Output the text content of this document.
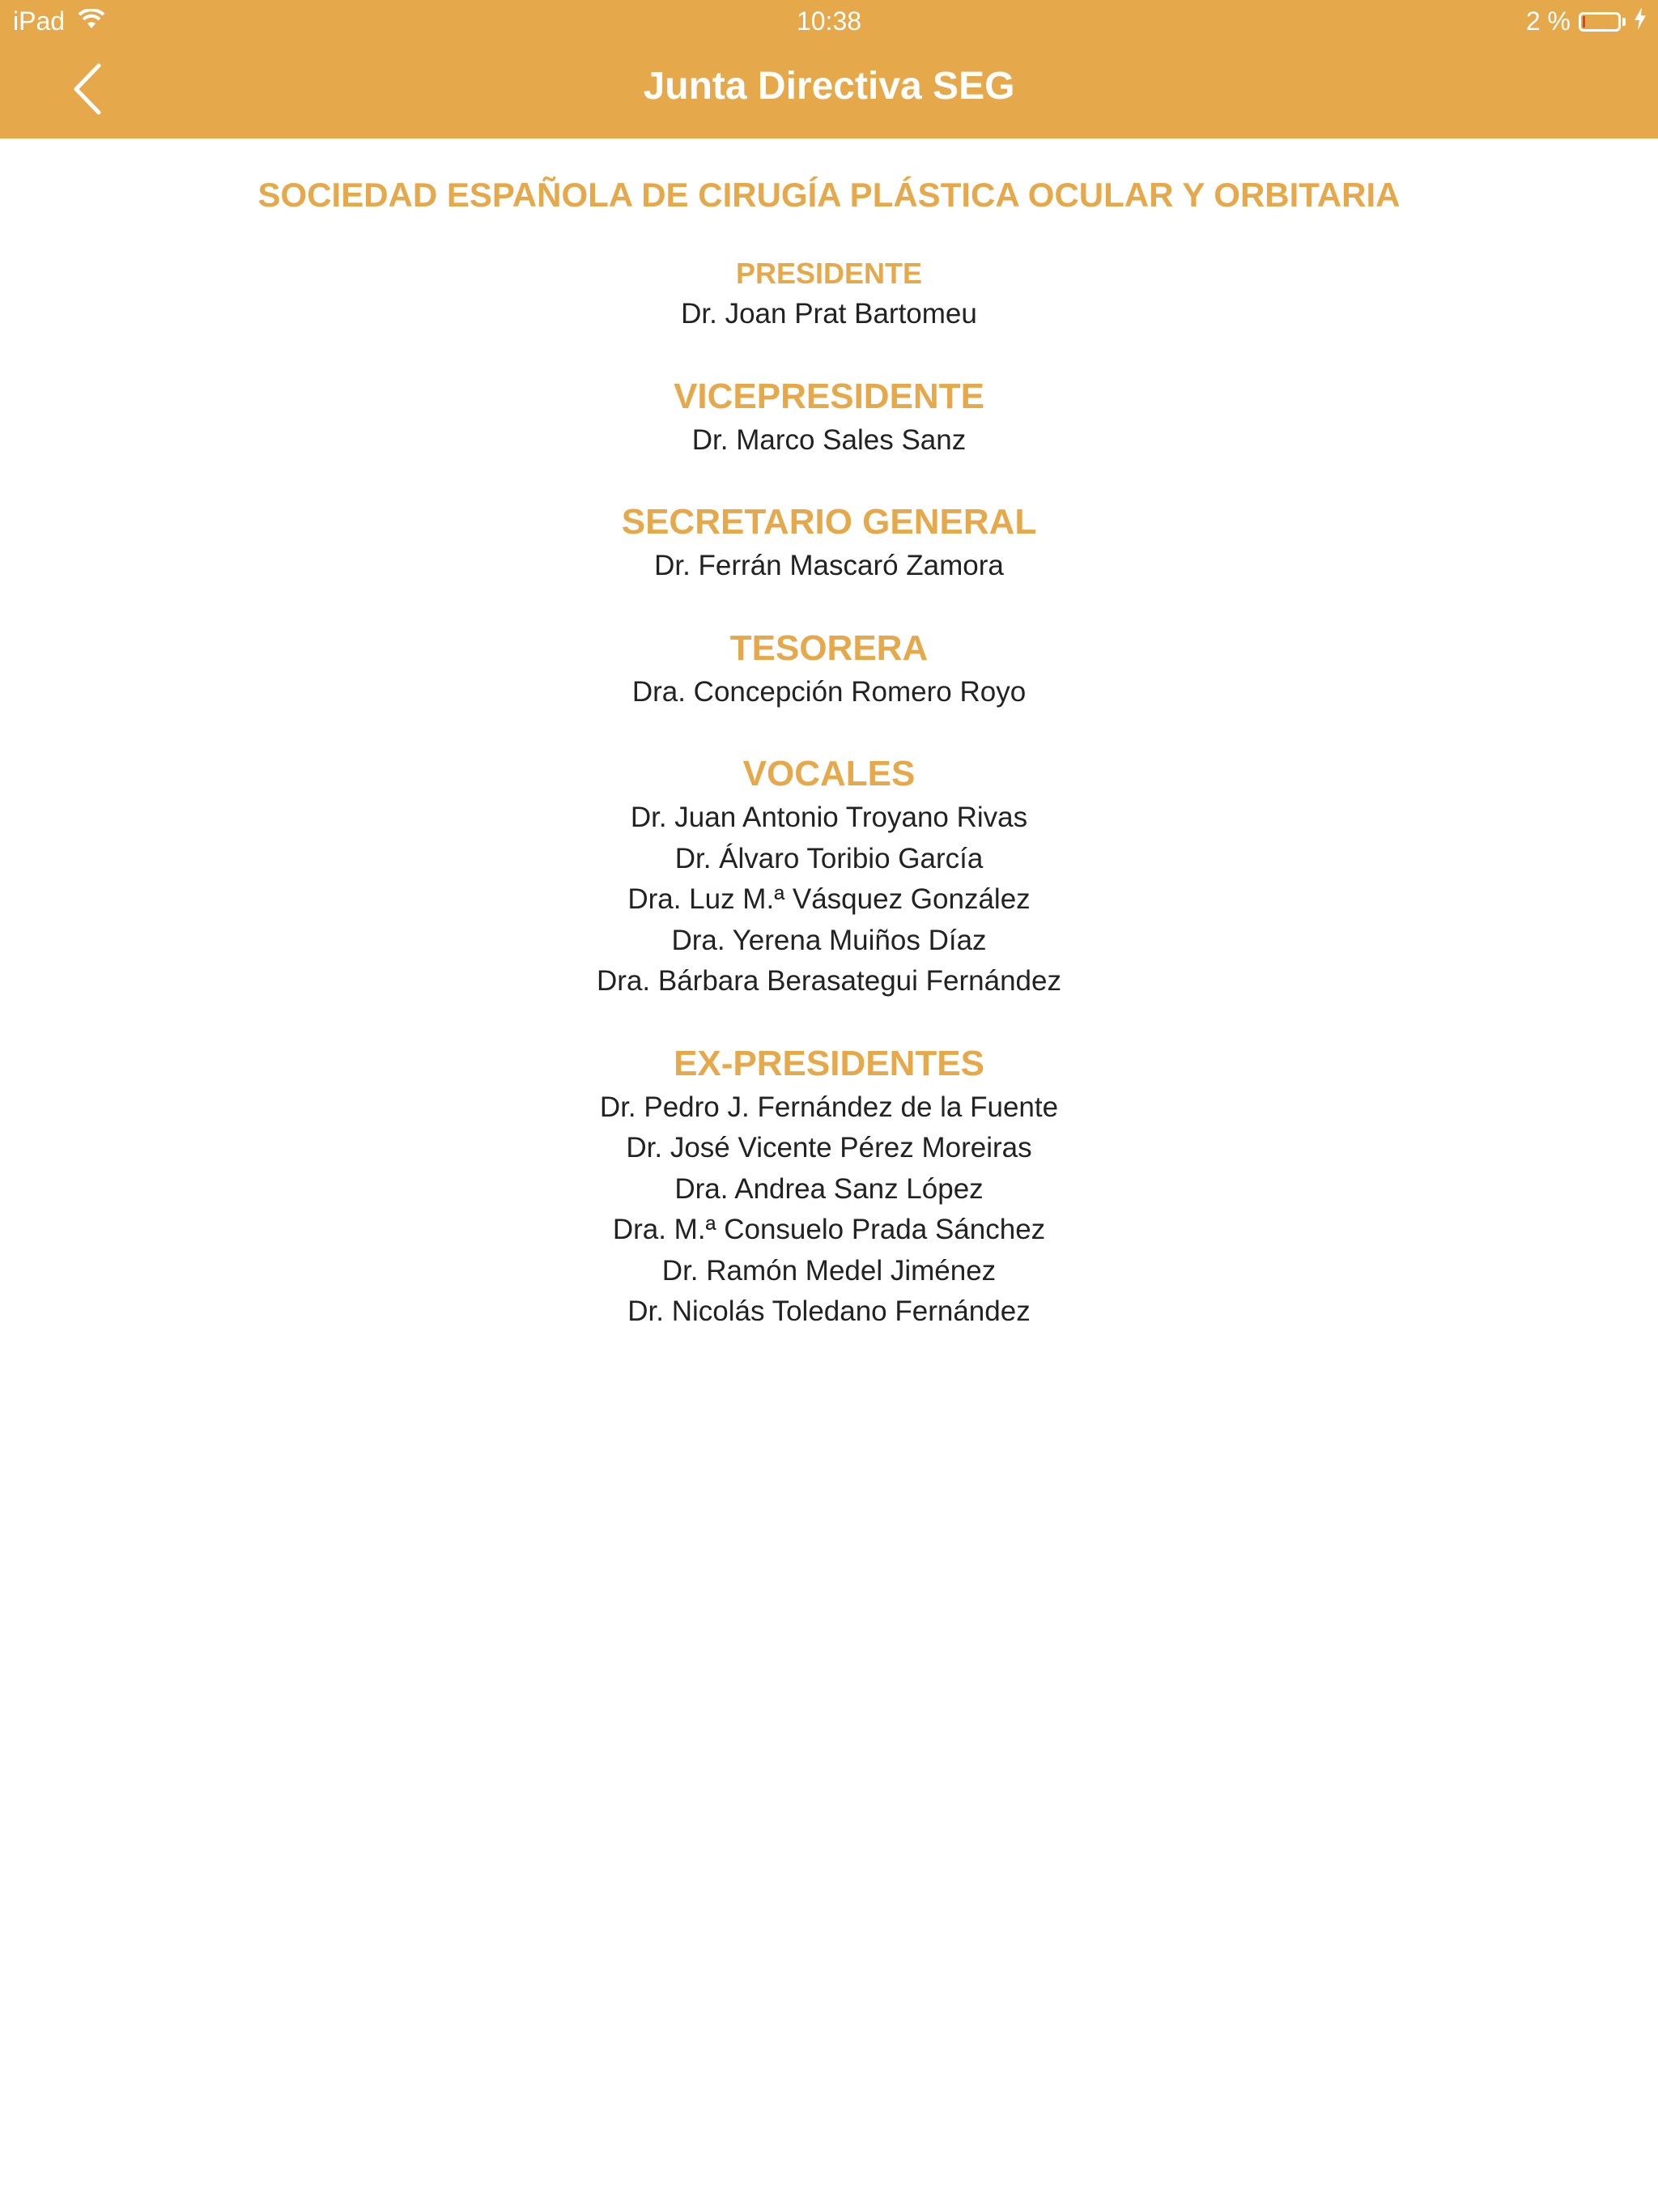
iPad	10:38	2 %
Junta Directiva SEG

SOCIEDAD ESPAÑOLA DE CIRUGÍA PLÁSTICA OCULAR Y ORBITARIA

PRESIDENTE

Dr. Joan Prat Bartomeu

VICEPRESIDENTE

Dr. Marco Sales Sanz

SECRETARIO GENERAL

Dr. Ferrán Mascaró Zamora

TESORERA

Dra. Concepción Romero Royo

VOCALES

Dr. Juan Antonio Troyano Rivas

Dr. Álvaro Toribio García

Dra. Luz M.ª Vásquez González

Dra. Yerena Muiños Díaz

Dra. Bárbara Berasategui Fernández

EX-PRESIDENTES

Dr. Pedro J. Fernández de la Fuente

Dr. José Vicente Pérez Moreiras

Dra. Andrea Sanz López

Dra. M.ª Consuelo Prada Sánchez

Dr. Ramón Medel Jiménez

Dr. Nicolás Toledano Fernández
